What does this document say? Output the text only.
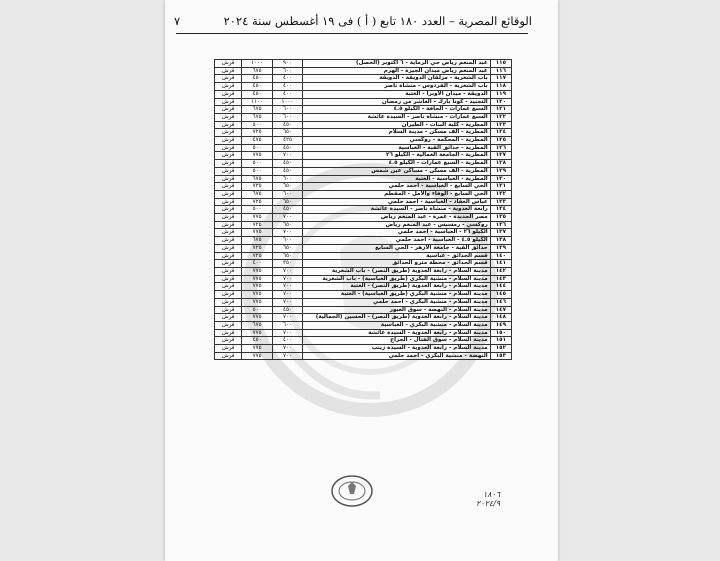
الوقائع المصرية – العدد ١٨٠ تابع ( أ ) فى ١٩ أغسطس سنة ٢٠٢٤
٧
١١٥	عبد المنعم رياض حي الرماية - ٦ أكتوبر (الحصل)	٩٠٠	١٠٠٠	قرش
١١٦	عبد المنعم رياض ميدان الجيزة - الهرم	٦٠٠	٦٧٥	قرش
١١٧	باب الشعرية - مزلقان الدويقة - الدويقة	٤٠٠	٤٥٠	قرش
١١٨	باب الشعرية - الفردوس - منشأة ناصر	٤٠٠	٤٥٠	قرش
١١٩	الدويقة - ميدان الأوبرا - العتبة	٤٠٠	٤٥٠	قرش
١٢٠	التجنيد - كوتا بارك - العاشر من رمضان	١٠٠٠	١١٠٠	قرش
١٢١	السبع عمارات - الحافة - الكيلو ٤.٥	٦٠٠	٦٧٥	قرش
١٢٢	السبع عمارات - منشأة ناصر - السيدة عائشة	٦٠٠	٦٧٥	قرش
١٢٣	المطرية - كلية البنات - الطيران	٤٥٠	٥٠٠	قرش
١٢٤	المطرية - ألف مسكن - مدينة السلام	٦٥٠	٧٢٥	قرش
١٢٥	المطرية - المحكمة - روكسي	٤٢٥	٤٧٥	قرش
١٢٦	المطرية - حدائق القبة - العباسية	٤٥٠	٥٠٠	قرش
١٢٧	المطرية - الجامعة العمالية - الكيلو ٢٦	٧٠٠	٧٧٥	قرش
١٢٨	المطرية - السبع عمارات - الكيلو ٤.٥	٤٥٠	٥٠٠	قرش
١٢٩	المطرية - ألف مسكن - مساكن عين شمس	٤٥٠	٥٠٠	قرش
١٣٠	المطرية - العباسية - العتبة	٦٠٠	٦٧٥	قرش
١٣١	الحي السابع - العباسية - أحمد حلمي	٦٥٠	٧٢٥	قرش
١٣٢	الحي السابع - الوفاء والأمل - المقطم	٦٠٠	٦٧٥	قرش
١٣٣	عباس العقاد - العباسية - أحمد حلمي	٦٥٠	٧٢٥	قرش
١٣٤	رابعة العدوية - منشأة ناصر - السيدة عائشة	٤٥٠	٥٠٠	قرش
١٣٥	مصر الجديدة - غمرة - عبد المنعم رياض	٧٠٠	٧٧٥	قرش
١٣٦	روكسي - رمسيس - عبد المنعم رياض	٦٥٠	٧٢٥	قرش
١٣٧	الكيلو ٢٦ - العباسية - أحمد حلمي	٧٠٠	٧٧٥	قرش
١٣٨	الكيلو ٤.٥ - العباسية - أحمد حلمي	٦٠٠	٦٧٥	قرش
١٣٩	حدائق القبة - جامعة الأزهر - الحي السابع	٦٥٠	٧٢٥	قرش
١٤٠	قسم الحدائق - عباسية	٦٥٠	٧٢٥	قرش
١٤١	قسم الحدائق - محطة مترو الحدائق	٣٥٠	٤٠٠	قرش
١٤٢	مدينة السلام - رابعة العدوية (طريق النصر) - باب الشعرية	٧٠٠	٧٧٥	قرش
١٤٣	مدينة السلام - منشية البكري (طريق العباسية) - باب الشعرية	٧٠٠	٧٧٥	قرش
١٤٤	مدينة السلام - رابعة العدوية (طريق النصر) - العتبة	٧٠٠	٧٧٥	قرش
١٤٥	مدينة السلام - منشية البكري (طريق العباسية) - العتبة	٧٠٠	٧٧٥	قرش
١٤٦	مدينة السلام - منشية البكري - أحمد حلمي	٧٠٠	٧٧٥	قرش
١٤٧	مدينة السلام - النهضة - سوق العبور	٤٥٠	٥٠٠	قرش
١٤٨	مدينة السلام - رابعة العدوية (طريق النصر) - الحسين (الجمالية)	٧٠٠	٧٧٥	قرش
١٤٩	مدينة السلام - منشية البكري - العباسية	٦٠٠	٦٧٥	قرش
١٥٠	مدينة السلام - رابعة العدوية - السيدة عائشة	٧٠٠	٧٧٥	قرش
١٥١	مدينة السلام - سوق الفتال - الجراج	٤٠٠	٤٥٠	قرش
١٥٢	مدينة السلام - رابعة العدوية - السيدة زينب	٧٠٠	٧٧٥	قرش
١٥٣	النهضة - منشية البكري - أحمد حلمي	٧٠٠	٧٧٥	قرش
١٨٠٦
٢٠٢٤/٩
